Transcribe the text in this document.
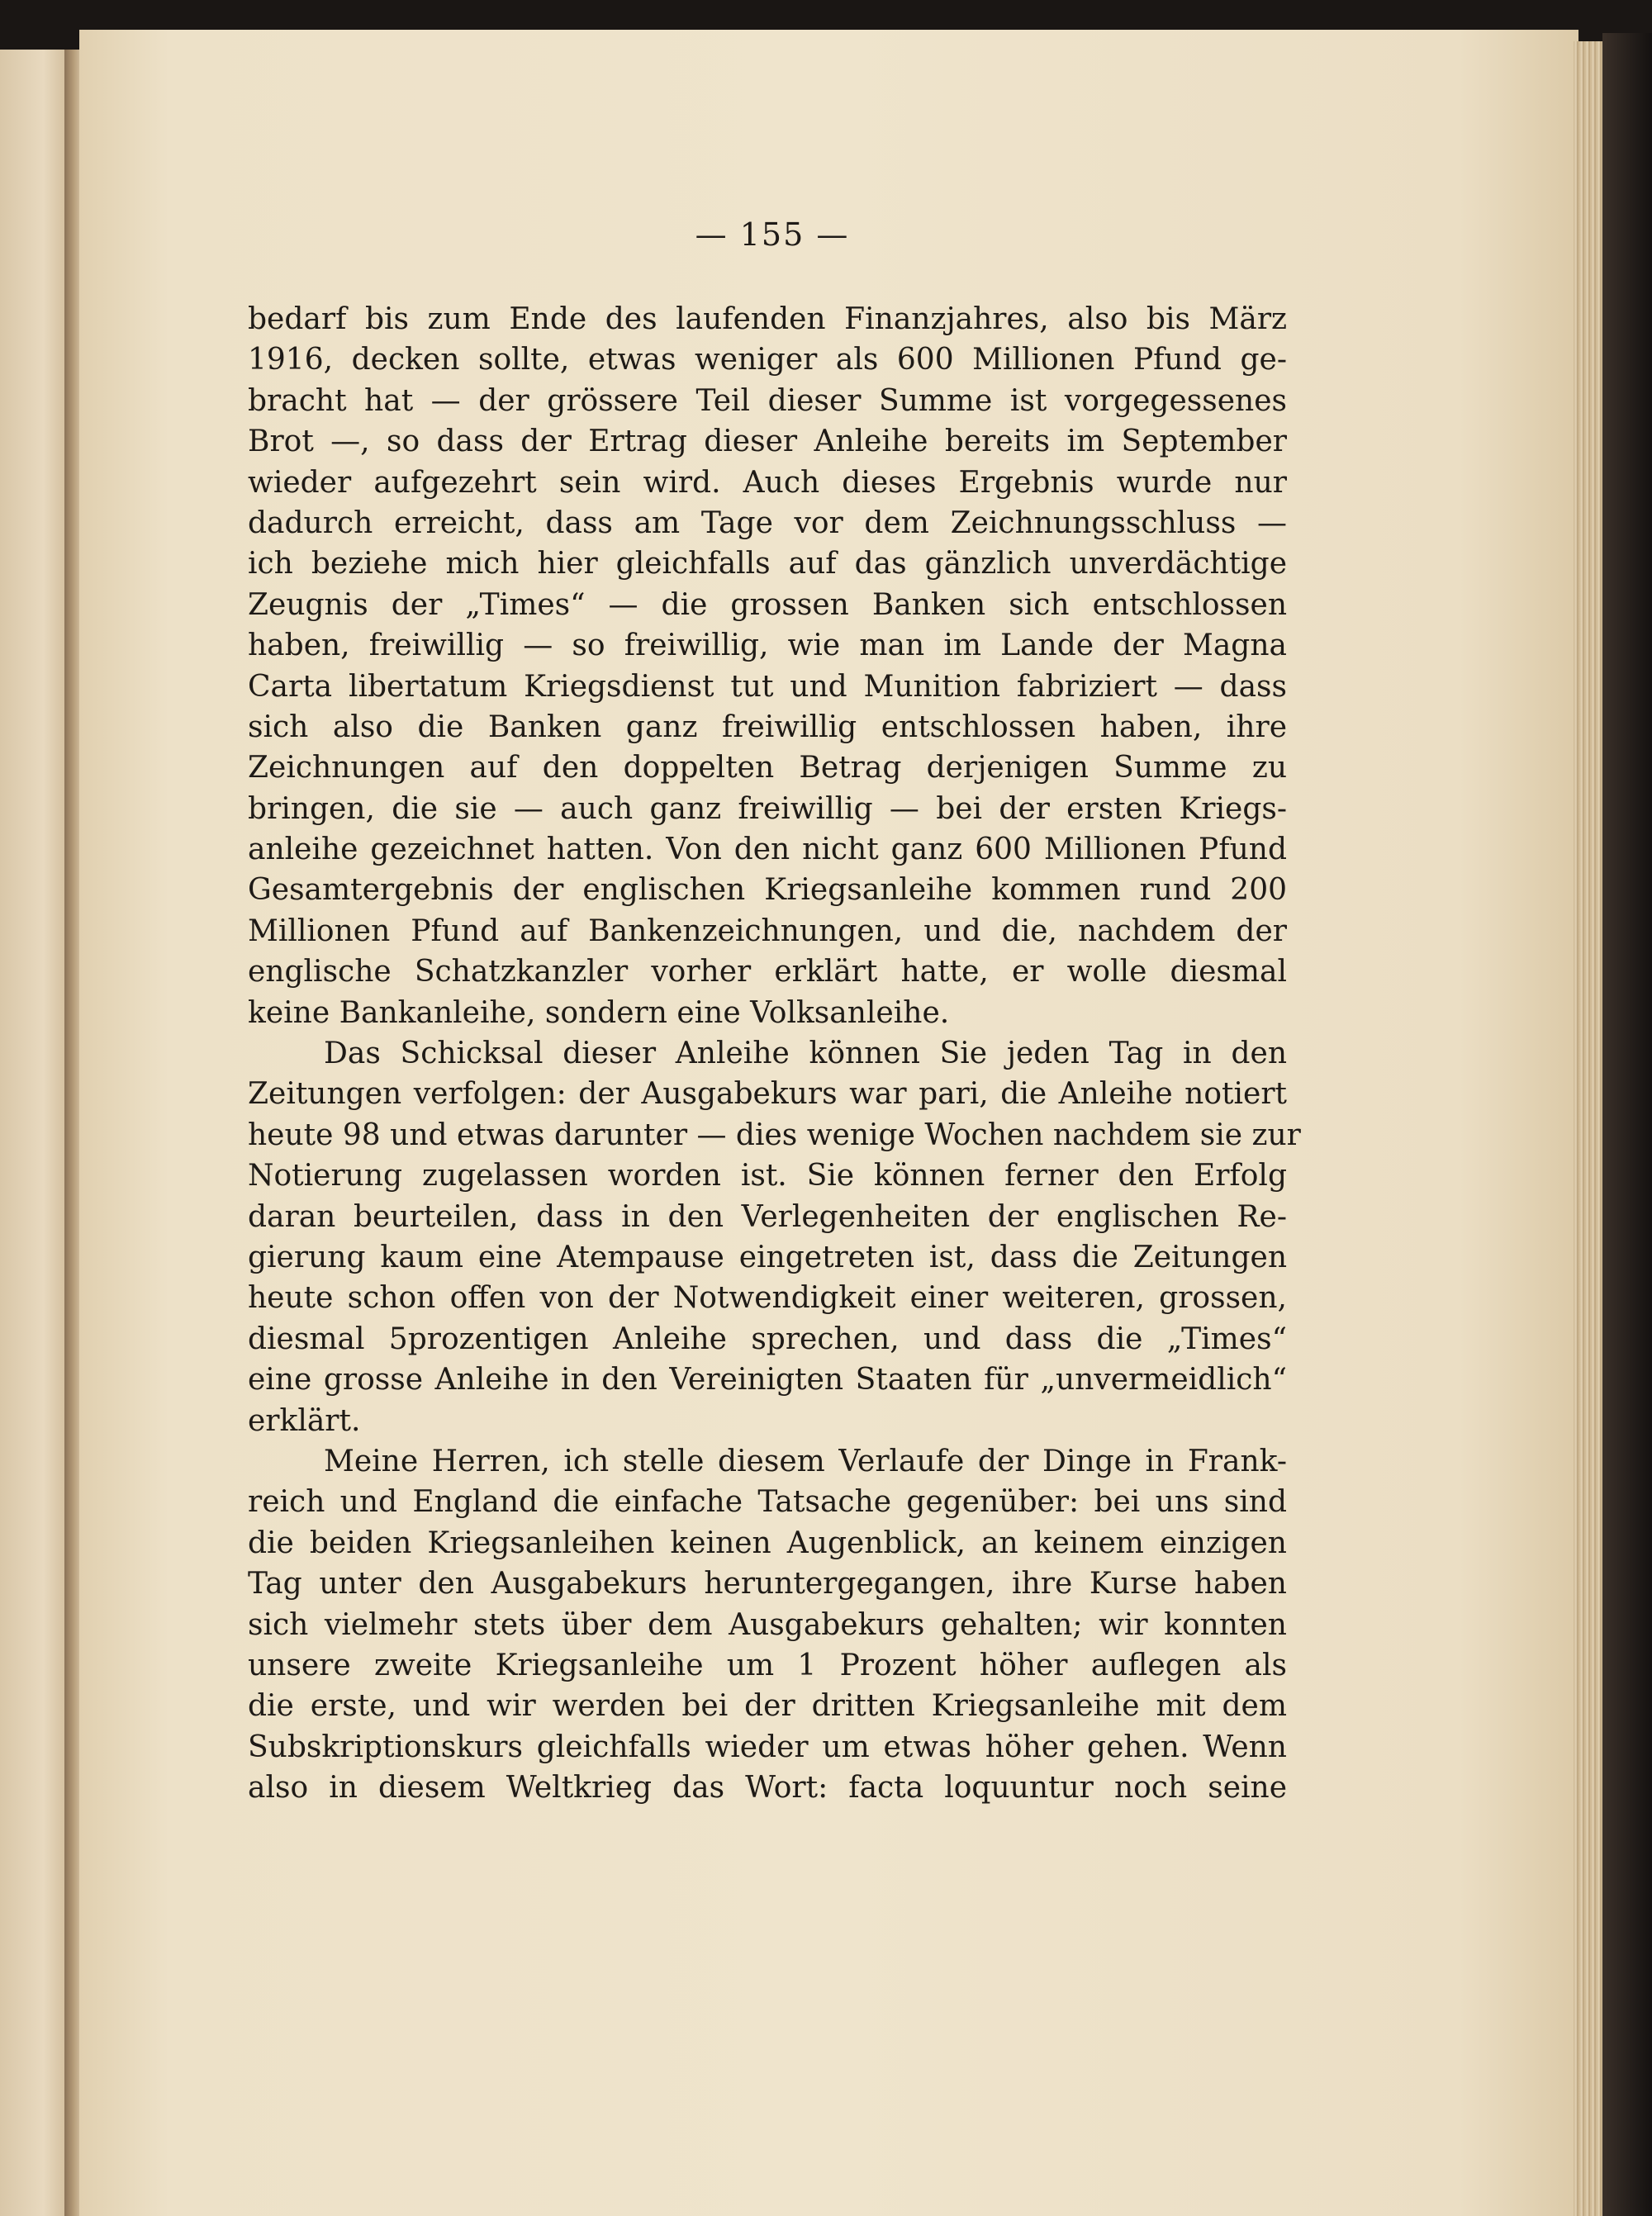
— 155 —
bedarf bis zum Ende des laufenden Finanzjahres, also bis März
1916, decken sollte, etwas weniger als 600 Millionen Pfund ge-
bracht hat — der grössere Teil dieser Summe ist vorgegessenes
Brot —, so dass der Ertrag dieser Anleihe bereits im September
wieder aufgezehrt sein wird. Auch dieses Ergebnis wurde nur
dadurch erreicht, dass am Tage vor dem Zeichnungsschluss —
ich beziehe mich hier gleichfalls auf das gänzlich unverdächtige
Zeugnis der „Times“ — die grossen Banken sich entschlossen
haben, freiwillig — so freiwillig, wie man im Lande der Magna
Carta libertatum Kriegsdienst tut und Munition fabriziert — dass
sich also die Banken ganz freiwillig entschlossen haben, ihre
Zeichnungen auf den doppelten Betrag derjenigen Summe zu
bringen, die sie — auch ganz freiwillig — bei der ersten Kriegs-
anleihe gezeichnet hatten. Von den nicht ganz 600 Millionen Pfund
Gesamtergebnis der englischen Kriegsanleihe kommen rund 200
Millionen Pfund auf Bankenzeichnungen, und die, nachdem der
englische Schatzkanzler vorher erklärt hatte, er wolle diesmal
keine Bankanleihe, sondern eine Volksanleihe.
Das Schicksal dieser Anleihe können Sie jeden Tag in den
Zeitungen verfolgen: der Ausgabekurs war pari, die Anleihe notiert
heute 98 und etwas darunter — dies wenige Wochen nachdem sie zur
Notierung zugelassen worden ist. Sie können ferner den Erfolg
daran beurteilen, dass in den Verlegenheiten der englischen Re-
gierung kaum eine Atempause eingetreten ist, dass die Zeitungen
heute schon offen von der Notwendigkeit einer weiteren, grossen,
diesmal 5prozentigen Anleihe sprechen, und dass die „Times“
eine grosse Anleihe in den Vereinigten Staaten für „unvermeidlich“
erklärt.
Meine Herren, ich stelle diesem Verlaufe der Dinge in Frank-
reich und England die einfache Tatsache gegenüber: bei uns sind
die beiden Kriegsanleihen keinen Augenblick, an keinem einzigen
Tag unter den Ausgabekurs heruntergegangen, ihre Kurse haben
sich vielmehr stets über dem Ausgabekurs gehalten; wir konnten
unsere zweite Kriegsanleihe um 1 Prozent höher auflegen als
die erste, und wir werden bei der dritten Kriegsanleihe mit dem
Subskriptionskurs gleichfalls wieder um etwas höher gehen. Wenn
also in diesem Weltkrieg das Wort: facta loquuntur noch seine
